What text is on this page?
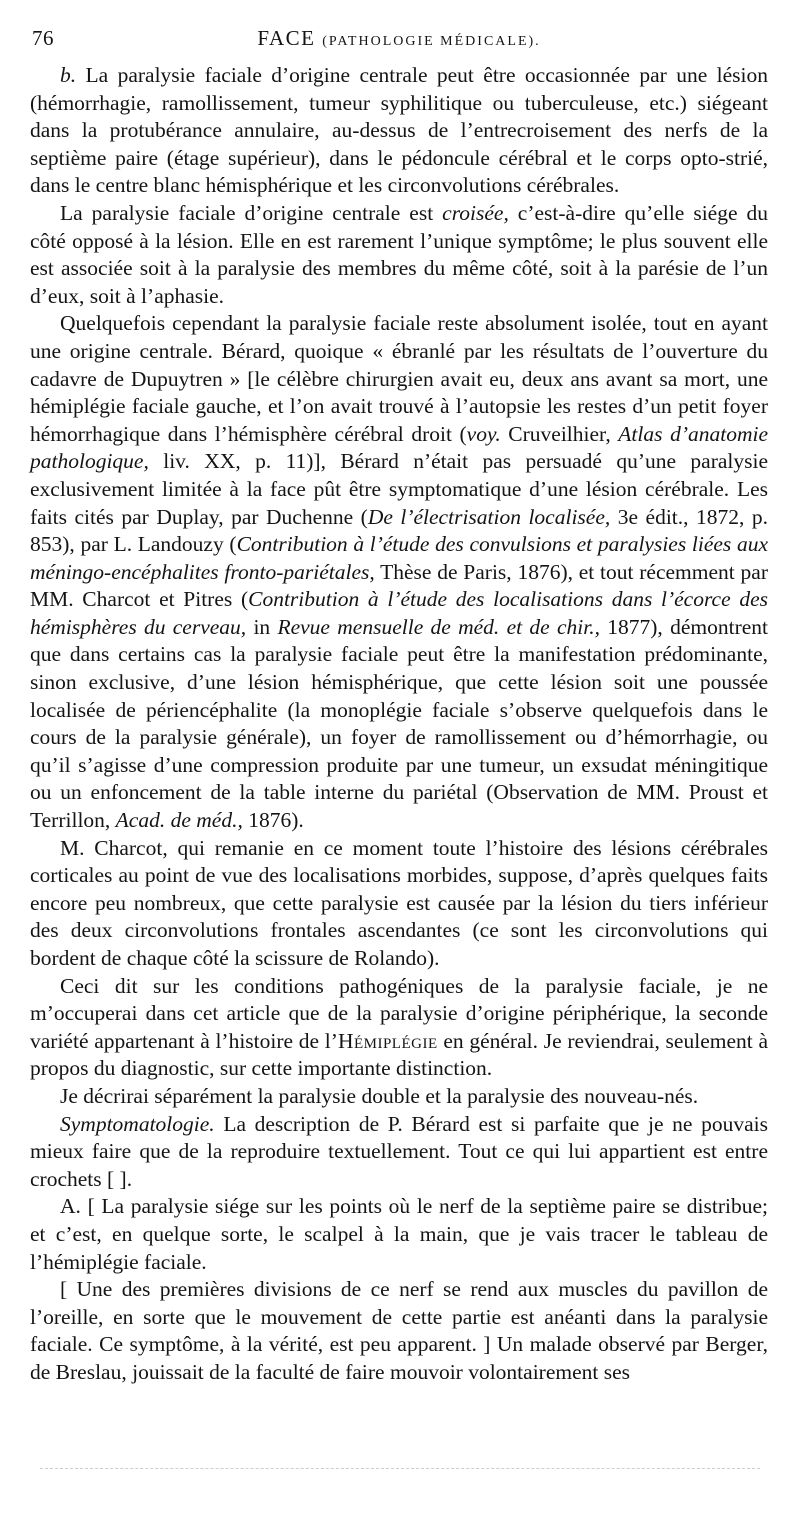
76	FACE (PATHOLOGIE MÉDICALE).

b. La paralysie faciale d’origine centrale peut être occasionnée par une lésion (hémorrhagie, ramollissement, tumeur syphilitique ou tuberculeuse, etc.) siégeant dans la protubérance annulaire, au-dessus de l’entrecroisement des nerfs de la septième paire (étage supérieur), dans le pédoncule cérébral et le corps opto-strié, dans le centre blanc hémisphérique et les circonvolutions cérébrales.

La paralysie faciale d’origine centrale est croisée, c’est-à-dire qu’elle siége du côté opposé à la lésion. Elle en est rarement l’unique symptôme; le plus souvent elle est associée soit à la paralysie des membres du même côté, soit à la parésie de l’un d’eux, soit à l’aphasie.

Quelquefois cependant la paralysie faciale reste absolument isolée, tout en ayant une origine centrale. Bérard, quoique « ébranlé par les résultats de l’ouverture du cadavre de Dupuytren » [le célèbre chirurgien avait eu, deux ans avant sa mort, une hémiplégie faciale gauche, et l’on avait trouvé à l’autopsie les restes d’un petit foyer hémorrhagique dans l’hémisphère cérébral droit (voy. Cruveilhier, Atlas d’anatomie pathologique, liv. XX, p. 11)], Bérard n’était pas persuadé qu’une paralysie exclusivement limitée à la face pût être symptomatique d’une lésion cérébrale. Les faits cités par Duplay, par Duchenne (De l’électrisation localisée, 3e édit., 1872, p. 853), par L. Landouzy (Contribution à l’étude des convulsions et paralysies liées aux méningo-encéphalites fronto-pariétales, Thèse de Paris, 1876), et tout récemment par MM. Charcot et Pitres (Contribution à l’étude des localisations dans l’écorce des hémisphères du cerveau, in Revue mensuelle de méd. et de chir., 1877), démontrent que dans certains cas la paralysie faciale peut être la manifestation prédominante, sinon exclusive, d’une lésion hémisphérique, que cette lésion soit une poussée localisée de périencéphalite (la monoplégie faciale s’observe quelquefois dans le cours de la paralysie générale), un foyer de ramollissement ou d’hémorrhagie, ou qu’il s’agisse d’une compression produite par une tumeur, un exsudat méningitique ou un enfoncement de la table interne du pariétal (Observation de MM. Proust et Terrillon, Acad. de méd., 1876).

M. Charcot, qui remanie en ce moment toute l’histoire des lésions cérébrales corticales au point de vue des localisations morbides, suppose, d’après quelques faits encore peu nombreux, que cette paralysie est causée par la lésion du tiers inférieur des deux circonvolutions frontales ascendantes (ce sont les circonvolutions qui bordent de chaque côté la scissure de Rolando).

Ceci dit sur les conditions pathogéniques de la paralysie faciale, je ne m’occuperai dans cet article que de la paralysie d’origine périphérique, la seconde variété appartenant à l’histoire de l’Hémiplégie en général. Je reviendrai, seulement à propos du diagnostic, sur cette importante distinction.

Je décrirai séparément la paralysie double et la paralysie des nouveau-nés.

Symptomatologie. La description de P. Bérard est si parfaite que je ne pouvais mieux faire que de la reproduire textuellement. Tout ce qui lui appartient est entre crochets [ ].

A. [ La paralysie siége sur les points où le nerf de la septième paire se distribue; et c’est, en quelque sorte, le scalpel à la main, que je vais tracer le tableau de l’hémiplégie faciale.

[ Une des premières divisions de ce nerf se rend aux muscles du pavillon de l’oreille, en sorte que le mouvement de cette partie est anéanti dans la paralysie faciale. Ce symptôme, à la vérité, est peu apparent. ] Un malade observé par Berger, de Breslau, jouissait de la faculté de faire mouvoir volontairement ses
